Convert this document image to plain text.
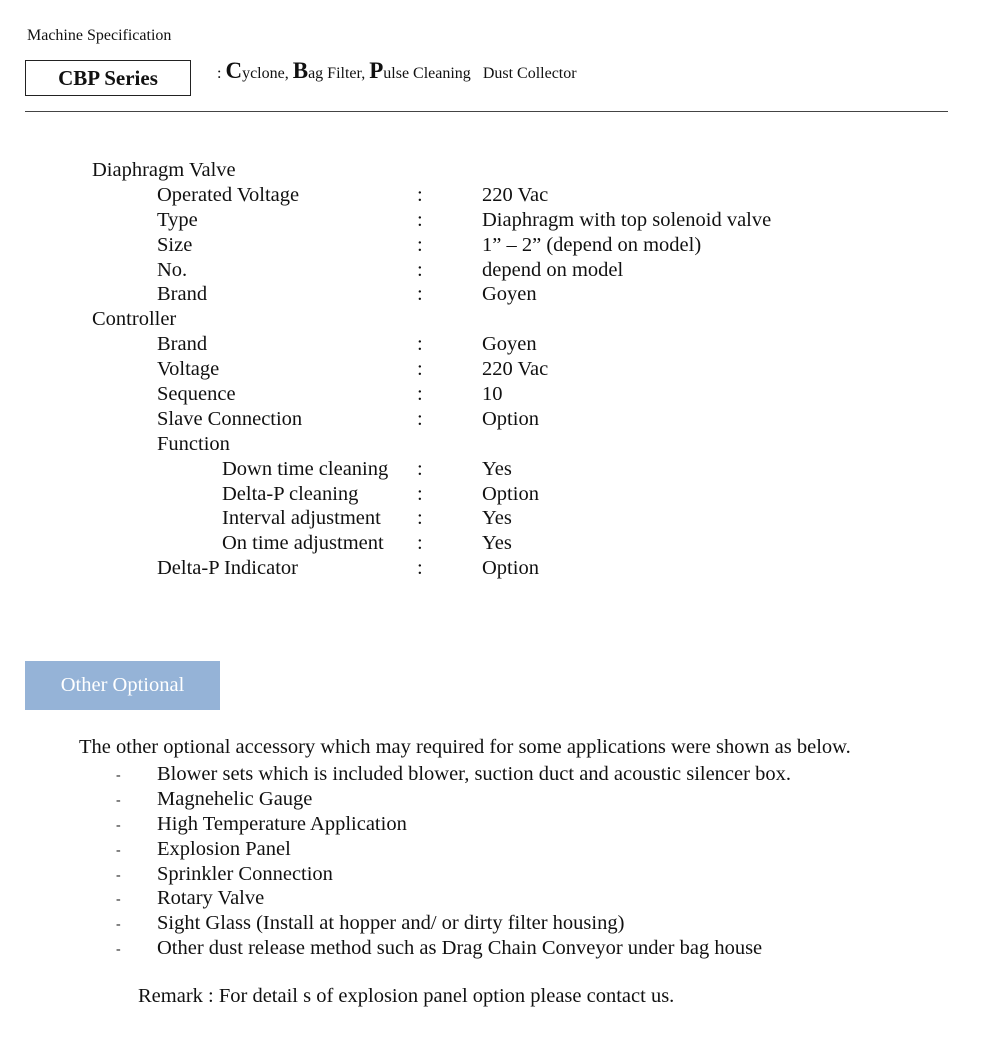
Machine Specification
CBP Series	: Cyclone, Bag Filter, Pulse Cleaning Dust Collector
Diaphragm Valve
Operated Voltage	:	220 Vac
Type	:	Diaphragm with top solenoid valve
Size	:	1” – 2” (depend on model)
No.	:	depend on model
Brand	:	Goyen
Controller
Brand	:	Goyen
Voltage	:	220 Vac
Sequence	:	10
Slave Connection	:	Option
Function
Down time cleaning :	Yes
Delta-P cleaning	:	Option
Interval adjustment :	Yes
On time adjustment :	Yes
Delta-P Indicator	:	Option
Other Optional
The other optional accessory which may required for some applications were shown as below.
- Blower sets which is included blower, suction duct and acoustic silencer box.
- Magnehelic Gauge
- High Temperature Application
- Explosion Panel
- Sprinkler Connection
- Rotary Valve
- Sight Glass (Install at hopper and/ or dirty filter housing)
- Other dust release method such as Drag Chain Conveyor under bag house
Remark : For detail s of explosion panel option please contact us.
